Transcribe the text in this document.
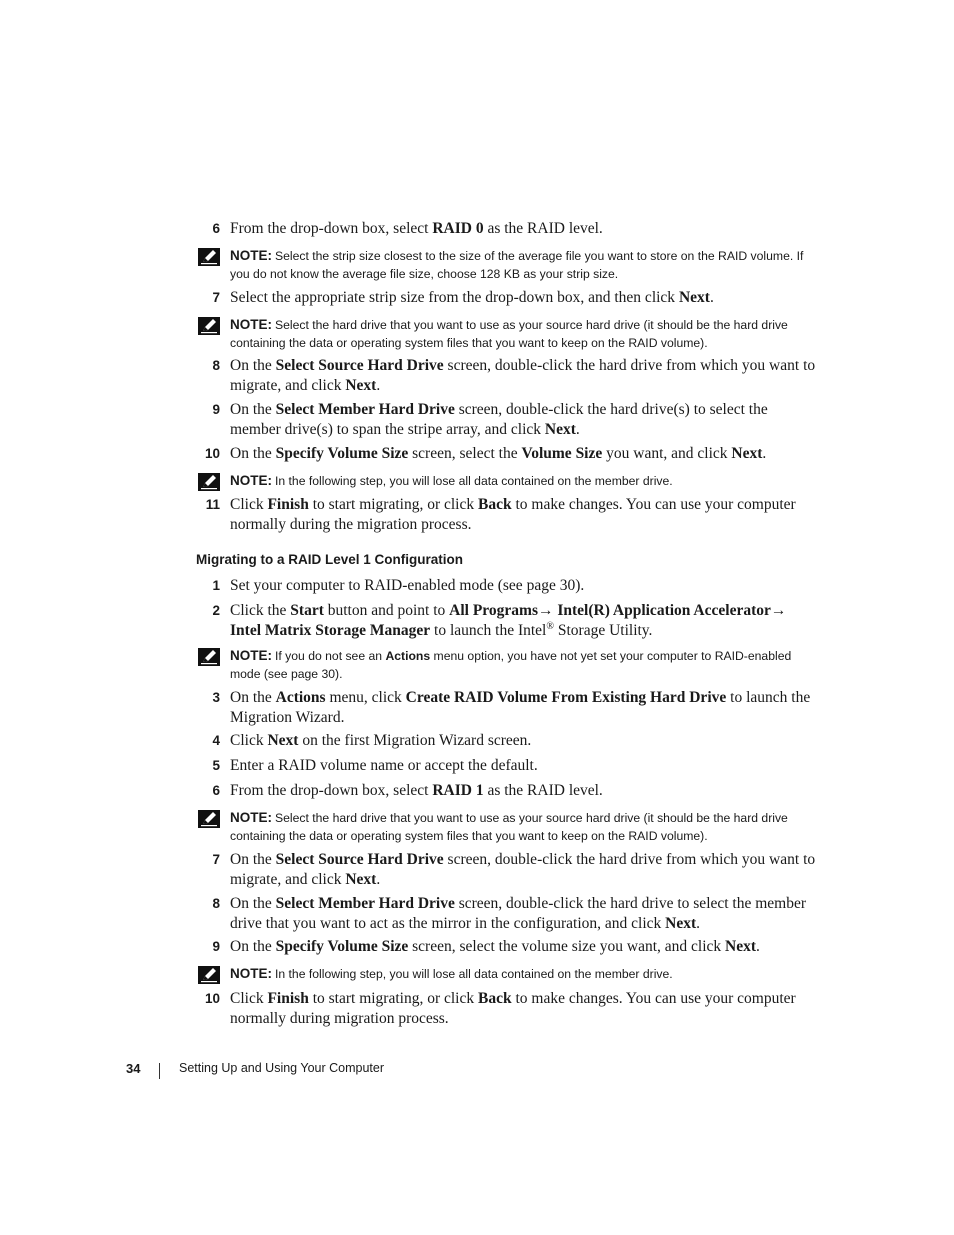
6 From the drop-down box, select RAID 0 as the RAID level.
NOTE: Select the strip size closest to the size of the average file you want to store on the RAID volume. If you do not know the average file size, choose 128 KB as your strip size.
7 Select the appropriate strip size from the drop-down box, and then click Next.
NOTE: Select the hard drive that you want to use as your source hard drive (it should be the hard drive containing the data or operating system files that you want to keep on the RAID volume).
8 On the Select Source Hard Drive screen, double-click the hard drive from which you want to migrate, and click Next.
9 On the Select Member Hard Drive screen, double-click the hard drive(s) to select the member drive(s) to span the stripe array, and click Next.
10 On the Specify Volume Size screen, select the Volume Size you want, and click Next.
NOTE: In the following step, you will lose all data contained on the member drive.
11 Click Finish to start migrating, or click Back to make changes. You can use your computer normally during the migration process.
Migrating to a RAID Level 1 Configuration
1 Set your computer to RAID-enabled mode (see page 30).
2 Click the Start button and point to All Programs→ Intel(R) Application Accelerator→ Intel Matrix Storage Manager to launch the Intel® Storage Utility.
NOTE: If you do not see an Actions menu option, you have not yet set your computer to RAID-enabled mode (see page 30).
3 On the Actions menu, click Create RAID Volume From Existing Hard Drive to launch the Migration Wizard.
4 Click Next on the first Migration Wizard screen.
5 Enter a RAID volume name or accept the default.
6 From the drop-down box, select RAID 1 as the RAID level.
NOTE: Select the hard drive that you want to use as your source hard drive (it should be the hard drive containing the data or operating system files that you want to keep on the RAID volume).
7 On the Select Source Hard Drive screen, double-click the hard drive from which you want to migrate, and click Next.
8 On the Select Member Hard Drive screen, double-click the hard drive to select the member drive that you want to act as the mirror in the configuration, and click Next.
9 On the Specify Volume Size screen, select the volume size you want, and click Next.
NOTE: In the following step, you will lose all data contained on the member drive.
10 Click Finish to start migrating, or click Back to make changes. You can use your computer normally during migration process.
34	Setting Up and Using Your Computer
